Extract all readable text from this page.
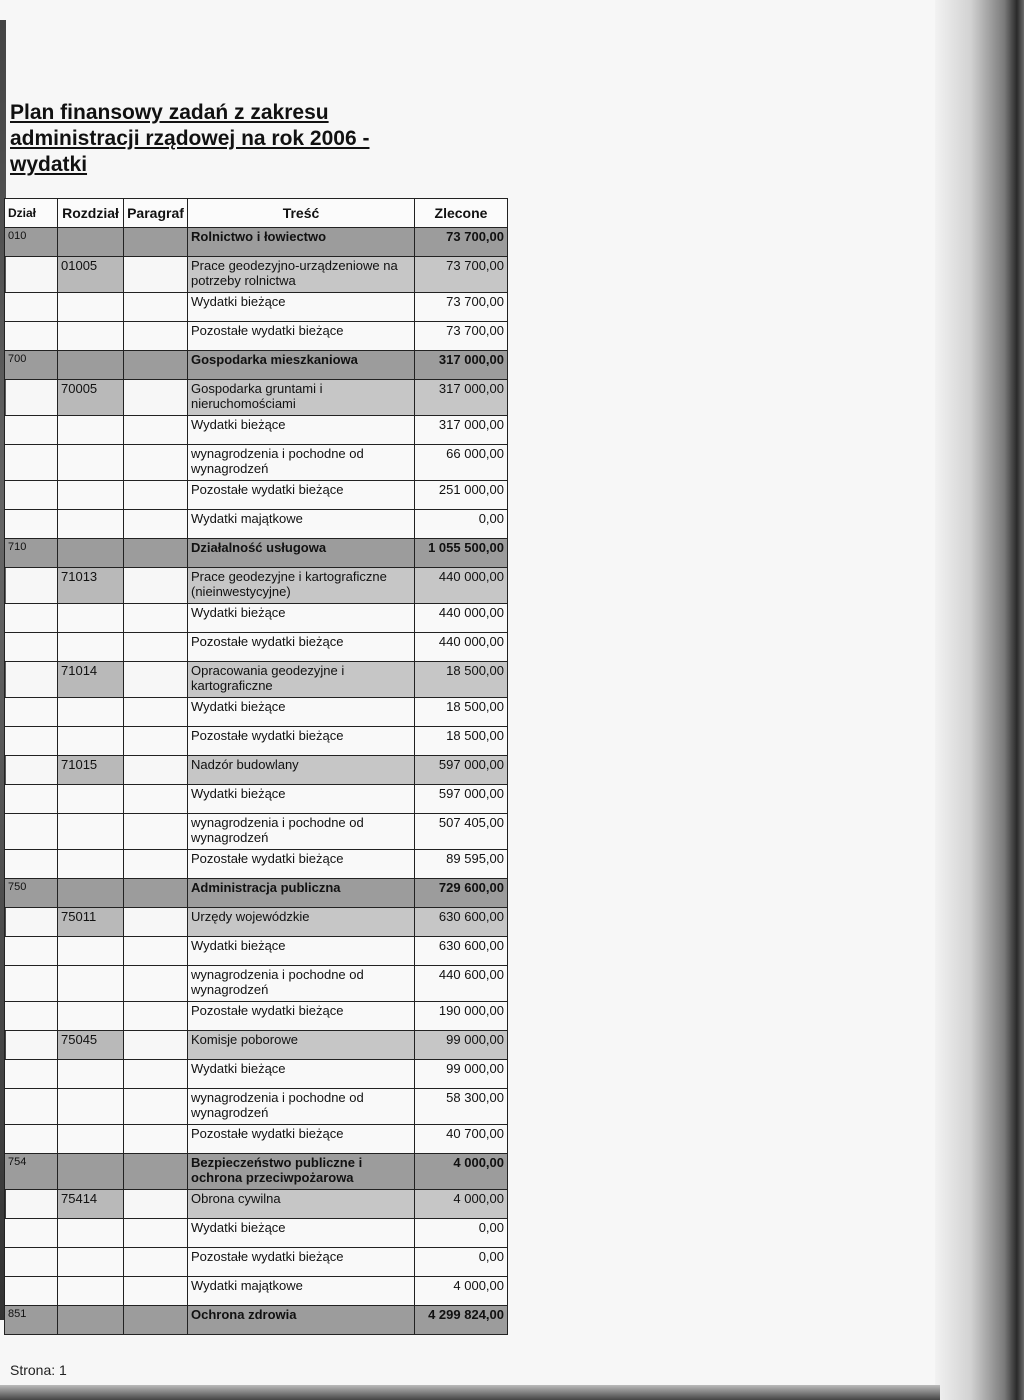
Plan finansowy zadań z zakresu
administracji rządowej na rok 2006 -
wydatki
Dział	Rozdział	Paragraf	Treść	Zlecone
010			Rolnictwo i łowiectwo	73 700,00
	01005		Prace geodezyjno-urządzeniowe na potrzeby rolnictwa	73 700,00
			Wydatki bieżące	73 700,00
			Pozostałe wydatki bieżące	73 700,00
700			Gospodarka mieszkaniowa	317 000,00
	70005		Gospodarka gruntami i nieruchomościami	317 000,00
			Wydatki bieżące	317 000,00
			wynagrodzenia i pochodne od wynagrodzeń	66 000,00
			Pozostałe wydatki bieżące	251 000,00
			Wydatki majątkowe	0,00
710			Działalność usługowa	1 055 500,00
	71013		Prace geodezyjne i kartograficzne (nieinwestycyjne)	440 000,00
			Wydatki bieżące	440 000,00
			Pozostałe wydatki bieżące	440 000,00
	71014		Opracowania geodezyjne i kartograficzne	18 500,00
			Wydatki bieżące	18 500,00
			Pozostałe wydatki bieżące	18 500,00
	71015		Nadzór budowlany	597 000,00
			Wydatki bieżące	597 000,00
			wynagrodzenia i pochodne od wynagrodzeń	507 405,00
			Pozostałe wydatki bieżące	89 595,00
750			Administracja publiczna	729 600,00
	75011		Urzędy wojewódzkie	630 600,00
			Wydatki bieżące	630 600,00
			wynagrodzenia i pochodne od wynagrodzeń	440 600,00
			Pozostałe wydatki bieżące	190 000,00
	75045		Komisje poborowe	99 000,00
			Wydatki bieżące	99 000,00
			wynagrodzenia i pochodne od wynagrodzeń	58 300,00
			Pozostałe wydatki bieżące	40 700,00
754			Bezpieczeństwo publiczne i ochrona przeciwpożarowa	4 000,00
	75414		Obrona cywilna	4 000,00
			Wydatki bieżące	0,00
			Pozostałe wydatki bieżące	0,00
			Wydatki majątkowe	4 000,00
851			Ochrona zdrowia	4 299 824,00
Strona: 1
